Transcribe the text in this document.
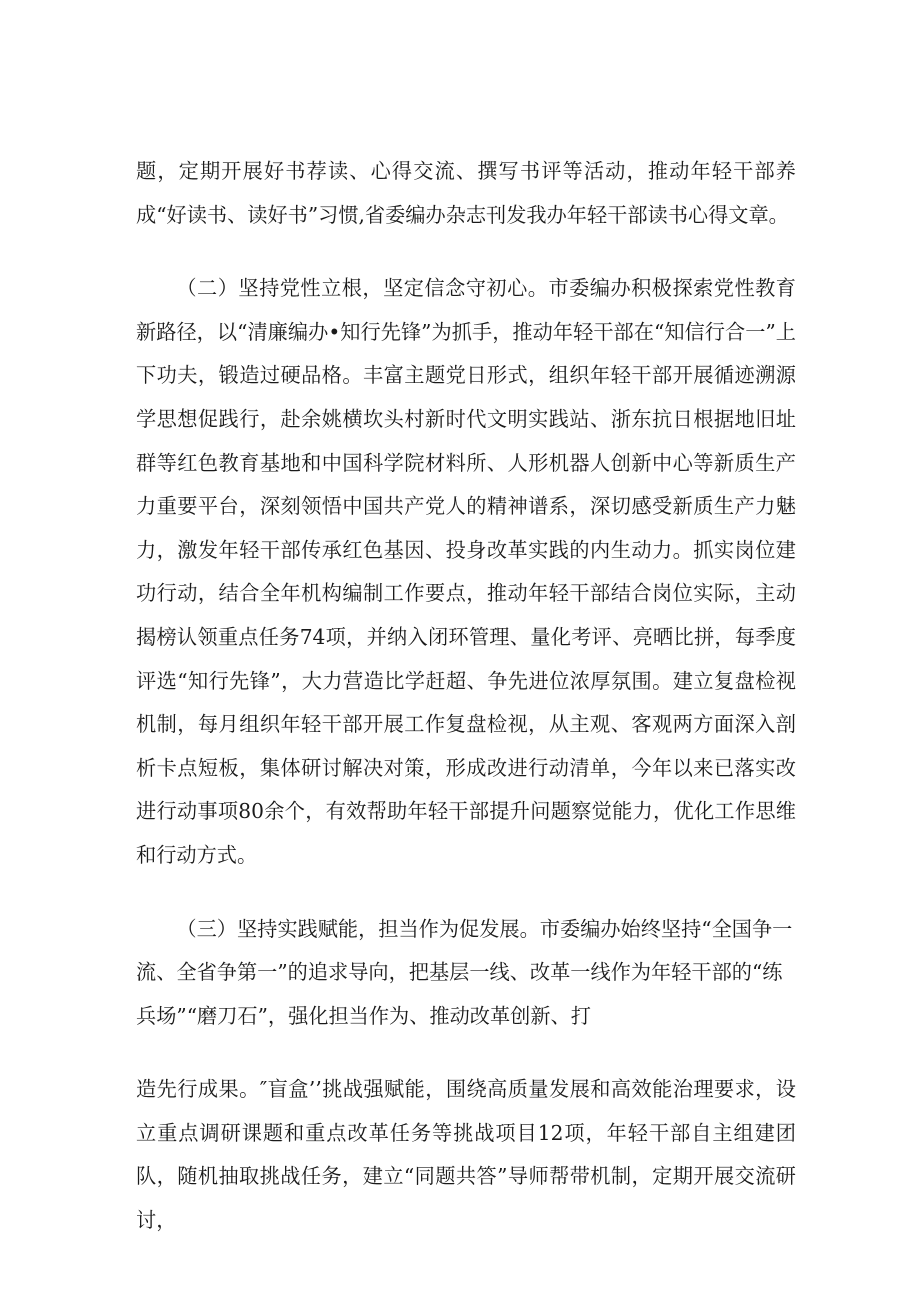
题，定期开展好书荐读、心得交流、撰写书评等活动，推动年轻干部养成“好读书、读好书”习惯,省委编办杂志刊发我办年轻干部读书心得文章。

（二）坚持党性立根，坚定信念守初心。市委编办积极探索党性教育新路径，以“清廉编办•知行先锋”为抓手，推动年轻干部在“知信行合一”上下功夫，锻造过硬品格。丰富主题党日形式，组织年轻干部开展循迹溯源学思想促践行，赴余姚横坎头村新时代文明实践站、浙东抗日根据地旧址群等红色教育基地和中国科学院材料所、人形机器人创新中心等新质生产力重要平台，深刻领悟中国共产党人的精神谱系，深切感受新质生产力魅力，激发年轻干部传承红色基因、投身改革实践的内生动力。抓实岗位建功行动，结合全年机构编制工作要点，推动年轻干部结合岗位实际，主动揭榜认领重点任务74项，并纳入闭环管理、量化考评、亮晒比拼，每季度评选“知行先锋”，大力营造比学赶超、争先进位浓厚氛围。建立复盘检视机制，每月组织年轻干部开展工作复盘检视，从主观、客观两方面深入剖析卡点短板，集体研讨解决对策，形成改进行动清单，今年以来已落实改进行动事项80余个，有效帮助年轻干部提升问题察觉能力，优化工作思维和行动方式。

（三）坚持实践赋能，担当作为促发展。市委编办始终坚持“全国争一流、全省争第一”的追求导向，把基层一线、改革一线作为年轻干部的“练兵场”“磨刀石”，强化担当作为、推动改革创新、打

造先行成果。″盲盒’’挑战强赋能，围绕高质量发展和高效能治理要求，设立重点调研课题和重点改革任务等挑战项目12项，年轻干部自主组建团队，随机抽取挑战任务，建立“同题共答”导师帮带机制，定期开展交流研讨，
